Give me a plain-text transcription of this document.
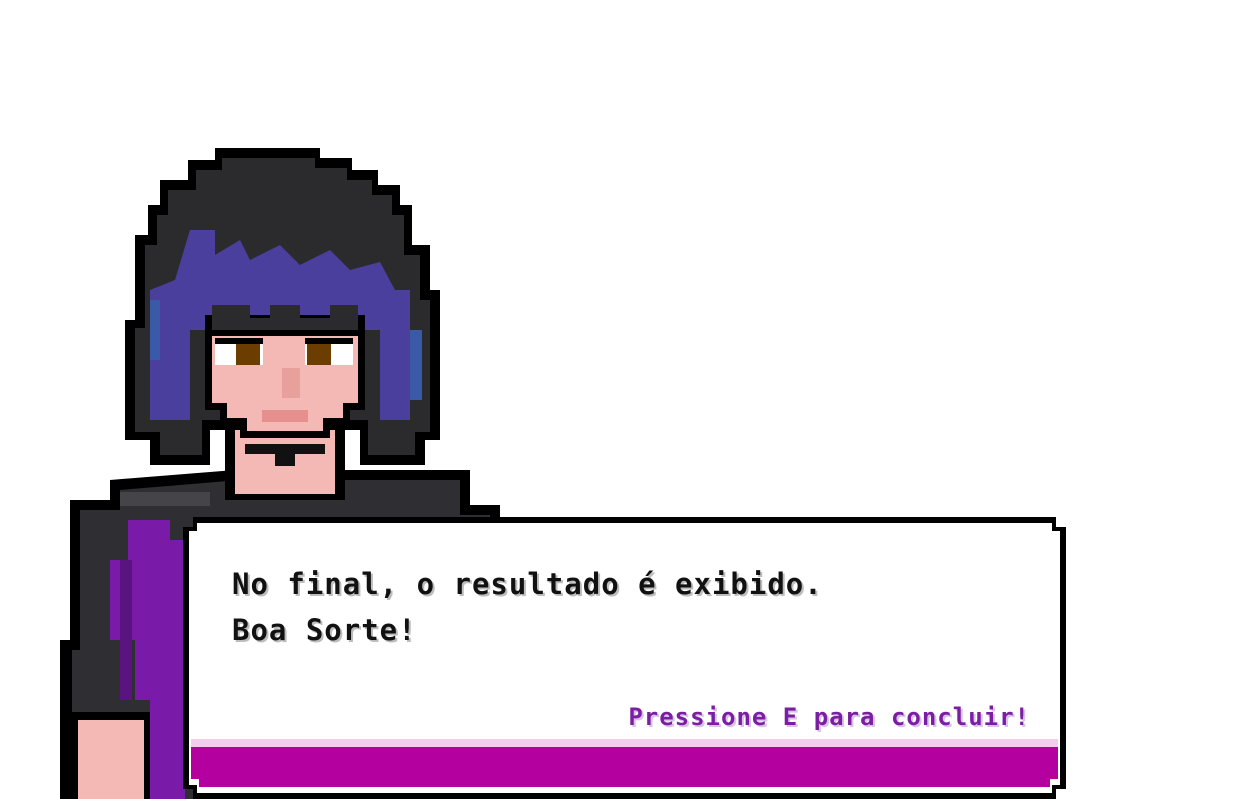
No final, o resultado é exibido.
Boa Sorte!
Pressione E para concluir!
